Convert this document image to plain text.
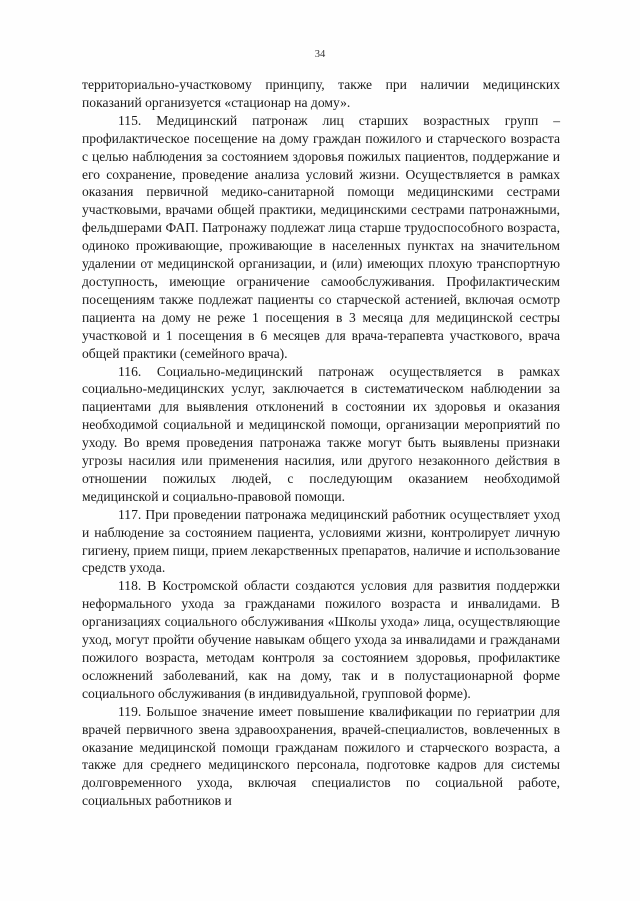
34

территориально-участковому принципу, также при наличии медицинских показаний организуется «стационар на дому».

115. Медицинский патронаж лиц старших возрастных групп – профилактическое посещение на дому граждан пожилого и старческого возраста с целью наблюдения за состоянием здоровья пожилых пациентов, поддержание и его сохранение, проведение анализа условий жизни. Осуществляется в рамках оказания первичной медико-санитарной помощи медицинскими сестрами участковыми, врачами общей практики, медицинскими сестрами патронажными, фельдшерами ФАП. Патронажу подлежат лица старше трудоспособного возраста, одиноко проживающие, проживающие в населенных пунктах на значительном удалении от медицинской организации, и (или) имеющих плохую транспортную доступность, имеющие ограничение самообслуживания. Профилактическим посещениям также подлежат пациенты со старческой астенией, включая осмотр пациента на дому не реже 1 посещения в 3 месяца для медицинской сестры участковой и 1 посещения в 6 месяцев для врача-терапевта участкового, врача общей практики (семейного врача).

116. Социально-медицинский патронаж осуществляется в рамках социально-медицинских услуг, заключается в систематическом наблюдении за пациентами для выявления отклонений в состоянии их здоровья и оказания необходимой социальной и медицинской помощи, организации мероприятий по уходу. Во время проведения патронажа также могут быть выявлены признаки угрозы насилия или применения насилия, или другого незаконного действия в отношении пожилых людей, с последующим оказанием необходимой медицинской и социально-правовой помощи.

117. При проведении патронажа медицинский работник осуществляет уход и наблюдение за состоянием пациента, условиями жизни, контролирует личную гигиену, прием пищи, прием лекарственных препаратов, наличие и использование средств ухода.

118. В Костромской области создаются условия для развития поддержки неформального ухода за гражданами пожилого возраста и инвалидами. В организациях социального обслуживания «Школы ухода» лица, осуществляющие уход, могут пройти обучение навыкам общего ухода за инвалидами и гражданами пожилого возраста, методам контроля за состоянием здоровья, профилактике осложнений заболеваний, как на дому, так и в полустационарной форме социального обслуживания (в индивидуальной, групповой форме).

119. Большое значение имеет повышение квалификации по гериатрии для врачей первичного звена здравоохранения, врачей-специалистов, вовлеченных в оказание медицинской помощи гражданам пожилого и старческого возраста, а также для среднего медицинского персонала, подготовке кадров для системы долговременного ухода, включая специалистов по социальной работе, социальных работников и
